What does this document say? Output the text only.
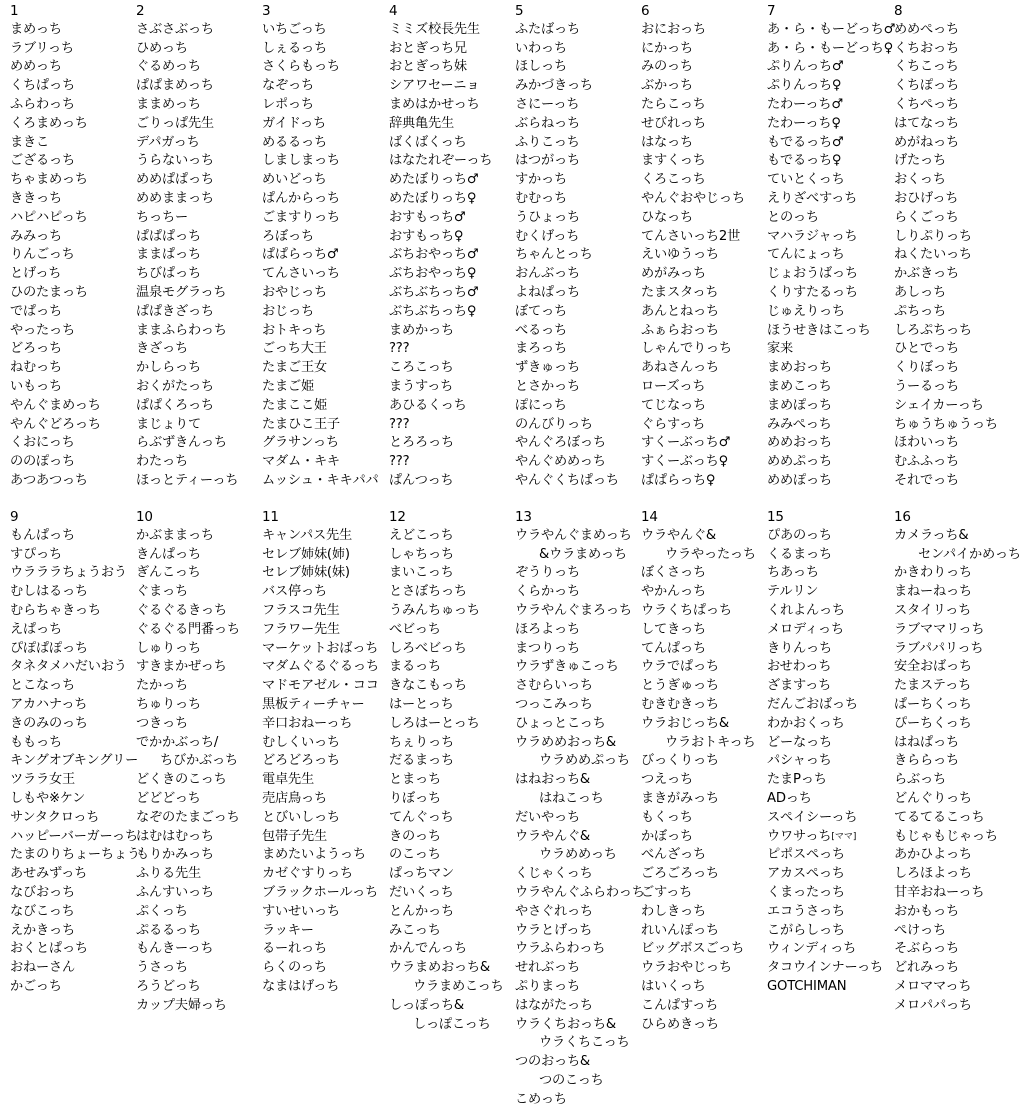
1
まめっち
ラブリっち
めめっち
くちぱっち
ふらわっち
くろまめっち
まきこ
ござるっち
ちゃまめっち
ききっち
ハピハピっち
みみっち
りんごっち
とげっち
ひのたまっち
でぱっち
やったっち
どろっち
ねむっち
いもっち
やんぐまめっち
やんぐどろっち
くおにっち
ののぽっち
あつあつっち
2
さぶさぶっち
ひめっち
ぐるめっち
ぱぱまめっち
ままめっち
ごりっぱ先生
デパガっち
うらないっち
めめぱぱっち
めめままっち
ちっちー
ぱぱぱっち
ままぱっち
ちびぱっち
温泉モグラっち
ぱぱきざっち
ままふらわっち
きざっち
かしらっち
おくがたっち
ぱぱくろっち
まじょりて
らぶずきんっち
わたっち
ほっとティーっち
3
いちごっち
しぇるっち
さくらもっち
なぞっち
レポっち
ガイドっち
めるるっち
しましまっち
めいどっち
ぱんからっち
ごますりっち
ろぼっち
ぱぱらっち♂
てんさいっち
おやじっち
おじっち
おトキっち
ごっち大王
たまご王女
たまご姫
たまここ姫
たまひこ王子
グラサンっち
マダム・キキ
ムッシュ・キキパパ
4
ミミズ校長先生
おとぎっち兄
おとぎっち妹
シアワセーニョ
まめはかせっち
辞典亀先生
ばくばくっち
はなたれぞーっち
めたぼりっち♂
めたぼりっち♀
おすもっち♂
おすもっち♀
ぶちおやっち♂
ぶちおやっち♀
ぶちぶちっち♂
ぶちぶちっち♀
まめかっち
???
ころこっち
まうすっち
あひるくっち
???
とろろっち
???
ぱんつっち
5
ふたばっち
いわっち
ほしっち
みかづきっち
さにーっち
ぶらねっち
ふりこっち
はつがっち
すかっち
むむっち
うひょっち
むくげっち
ちゃんとっち
おんぶっち
よねぱっち
ぼてっち
べるっち
まろっち
ずきゅっち
とさかっち
ぽにっち
のんびりっち
やんぐろぼっち
やんぐめめっち
やんぐくちぱっち
6
おにおっち
にかっち
みのっち
ぶかっち
たらこっち
せびれっち
はなっち
ますくっち
くろこっち
やんぐおやじっち
ひなっち
てんさいっち2世
えいゆうっち
めがみっち
たまスタっち
あんとねっち
ふぁらおっち
しゃんでりっち
あねさんっち
ローズっち
てじなっち
ぐらすっち
すくーぶっち♂
すくーぶっち♀
ぱぱらっち♀
7
あ・ら・もーどっち♂
あ・ら・もーどっち♀
ぷりんっち♂
ぷりんっち♀
たわーっち♂
たわーっち♀
もでるっち♂
もでるっち♀
ていとくっち
えりざべすっち
とのっち
マハラジャっち
てんにょっち
じょおうばっち
くりすたるっち
じゅえりっち
ほうせきはこっち
家来
まめおっち
まめこっち
まめぽっち
みみぺっち
めめおっち
めめぷっち
めめぽっち
8
めめぺっち
くちおっち
くちこっち
くちぽっち
くちぺっち
はてなっち
めがねっち
げたっち
おくっち
おひげっち
らくごっち
しりぷりっち
ねくたいっち
かぶきっち
あしっち
ぷちっち
しろぷちっち
ひとでっち
くりぼっち
うーるっち
シェイカーっち
ちゅうちゅうっち
ほわいっち
むふふっち
それでっち
9
もんぱっち
すぴっち
ウラララちょうおう
むしはるっち
むらちゃきっち
えぱっち
ぴぽぱぽっち
タネタメハだいおう
とこなっち
アカハナっち
きのみのっち
ももっち
キングオブキングリー
ツララ女王
しもや※ケン
サンタクロっち
ハッピーバーガーっち
たまのりちょーちょう
あせみずっち
なびおっち
なびこっち
えかきっち
おくとぱっち
おねーさん
かごっち
10
かぶままっち
きんぱっち
ぎんこっち
ぐまっち
ぐるぐるきっち
ぐるぐる門番っち
しゅりっち
すきまかぜっち
たかっち
ちゅりっち
つきっち
でかかぶっち/
ちびかぶっち
どくきのこっち
どどどっち
なぞのたまごっち
はむはむっち
もりかみっち
ふりる先生
ふんすいっち
ぷくっち
ぷるるっち
もんきーっち
うさっち
ろうどっち
カップ夫婦っち
11
キャンパス先生
セレブ姉妹(姉)
セレブ姉妹(妹)
バス停っち
フラスコ先生
フラワー先生
マーケットおばっち
マダムぐるぐるっち
マドモアゼル・ココ
黒板ティーチャー
辛口おねーっち
むしくいっち
どろどろっち
電卓先生
売店鳥っち
とびいしっち
包帯子先生
まめたいようっち
カゼぐすりっち
ブラックホールっち
すいせいっち
ラッキー
るーれっち
らくのっち
なまはげっち
12
えどこっち
しゃちっち
まいこっち
とさぼちっち
うみんちゅっち
べビっち
しろべビっち
まるっち
きなこもっち
はーとっち
しろはーとっち
ちぇりっち
だるまっち
とまっち
りぼっち
てんぐっち
きのっち
のこっち
ぱっちマン
だいくっち
とんかっち
みこっち
かんでんっち
ウラまめおっち&
ウラまめこっち
しっぽっち&
しっぽこっち
13
ウラやんぐまめっち
&ウラまめっち
ぞうりっち
くらかっち
ウラやんぐまろっち
ほろよっち
まつりっち
ウラずきゅこっち
さむらいっち
つっこみっち
ひょっとこっち
ウラめめおっち&
ウラめめぷっち
はねおっち&
はねこっち
だいやっち
ウラやんぐ&
ウラめめっち
くじゃくっち
ウラやんぐふらわっち
やさぐれっち
ウラとげっち
ウラふらわっち
せれぶっち
ぷりまっち
はながたっち
ウラくちおっち&
ウラくちこっち
つのおっち&
つのこっち
こめっち
14
ウラやんぐ&
ウラやったっち
ぼくさっち
やかんっち
ウラくちぱっち
してきっち
てんぱっち
ウラでぱっち
とうぎゅっち
むきむきっち
ウラおじっち&
ウラおトキっち
びっくりっち
つえっち
まきがみっち
もくっち
かぼっち
べんざっち
ごろごろっち
ごすっち
わしきっち
れいんぽっち
ビッグボスごっち
ウラおやじっち
はいくっち
こんぱすっち
ひらめきっち
15
ぴあのっち
くるまっち
ちあっち
テルリン
くれよんっち
メロディっち
きりんっち
おせわっち
ざますっち
だんごおばっち
わかおくっち
どーなっち
パシャっち
たまPっち
ADっち
スペイシーっち
ウワサっち[ママ]
ピポスペっち
アカスペっち
くまったっち
エコうさっち
こがらしっち
ウィンディっち
タコウインナーっち
GOTCHIMAN
16
カメラっち&
センパイかめっち
かきわりっち
まねーねっち
スタイリっち
ラブママリっち
ラブパパリっち
安全おばっち
たまステっち
ぱーちくっち
ぴーちくっち
はねぱっち
きららっち
らぶっち
どんぐりっち
てるてるこっち
もじゃもじゃっち
あかひよっち
しろほよっち
甘辛おねーっち
おかもっち
ぺけっち
そぶらっち
どれみっち
メロママっち
メロパパっち
